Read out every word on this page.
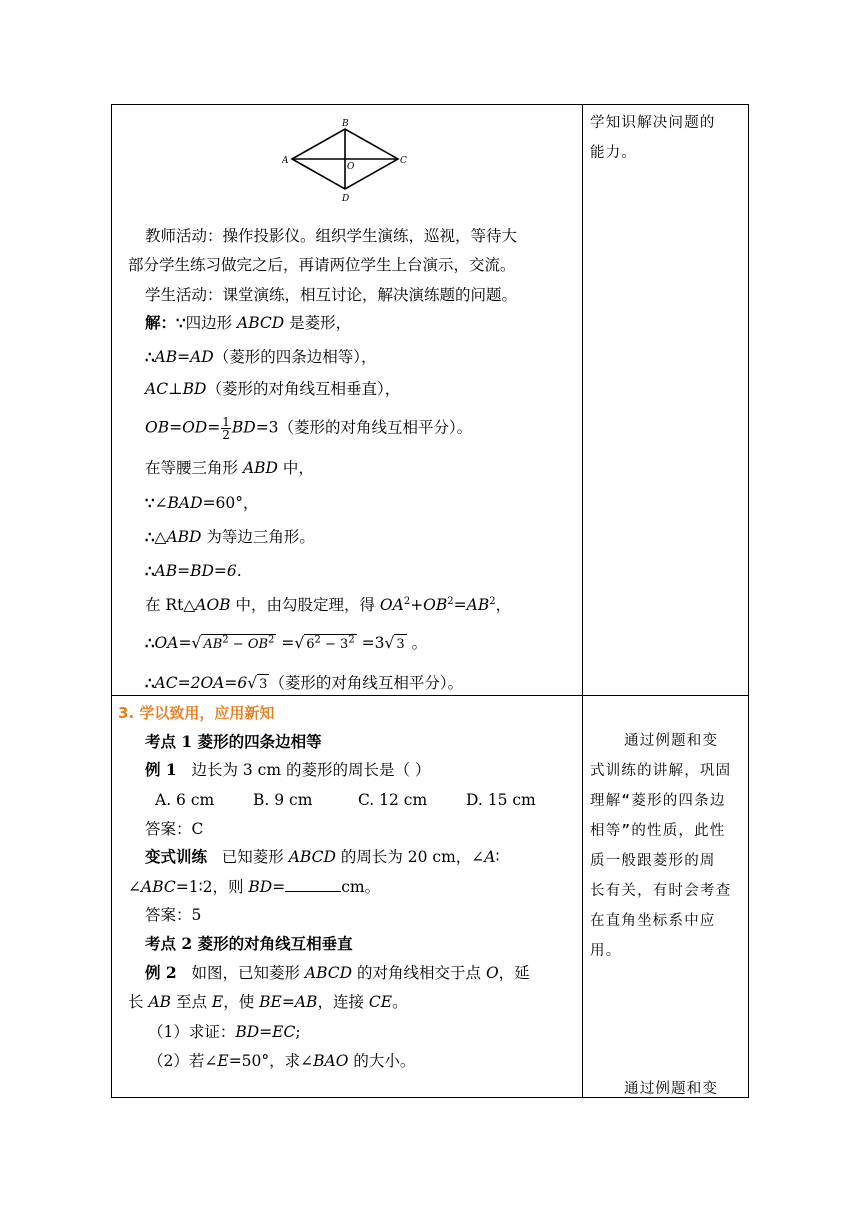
A
B
C
D
O
教师活动：操作投影仪。组织学生演练，巡视，等待大
部分学生练习做完之后，再请两位学生上台演示，交流。
学生活动：课堂演练，相互讨论，解决演练题的问题。
解：∵四边形 ABCD 是菱形，
∴AB=AD（菱形的四条边相等），
AC⊥BD（菱形的对角线互相垂直），
$OB=OD= \frac{1}{2} BD=3$（菱形的对角线互相平分）。
在等腰三角形 ABD 中，
∵∠BAD=60°，
∴△ABD 为等边三角形。
∴AB=BD=6.
在 Rt△AOB 中，由勾股定理，得 $OA^2+OB^2=AB^2$，
∴OA=√ $AB^2 - OB^2$ =√ $6^2 - 3^2 =3√$ 3 。
∴AC=2OA=6√ 3 （菱形的对角线互相平分）。
3. 学以致用，应用新知
考点 1 菱形的四条边相等
例 1 边长为 3 cm 的菱形的周长是（ ）
A. 6 cm	B. 9 cm	C. 12 cm	D. 15 cm
答案：C
变式训练 已知菱形 ABCD 的周长为 20 cm，∠A∶
∠ABC=1∶2，则 BD=	cm。
答案：5
考点 2 菱形的对角线互相垂直
例 2 如图，已知菱形 ABCD 的对角线相交于点 O，延
长 AB 至点 E，使 BE=AB，连接 CE。
（1）求证：BD=EC;
（2）若∠E=50°，求∠BAO 的大小。
学知识解决问题的
能力。
通过例题和变
式训练的讲解，巩固
理解“菱形的四条边
相等”的性质，此性
质一般跟菱形的周
长有关，有时会考查
在直角坐标系中应
用。
通过例题和变
